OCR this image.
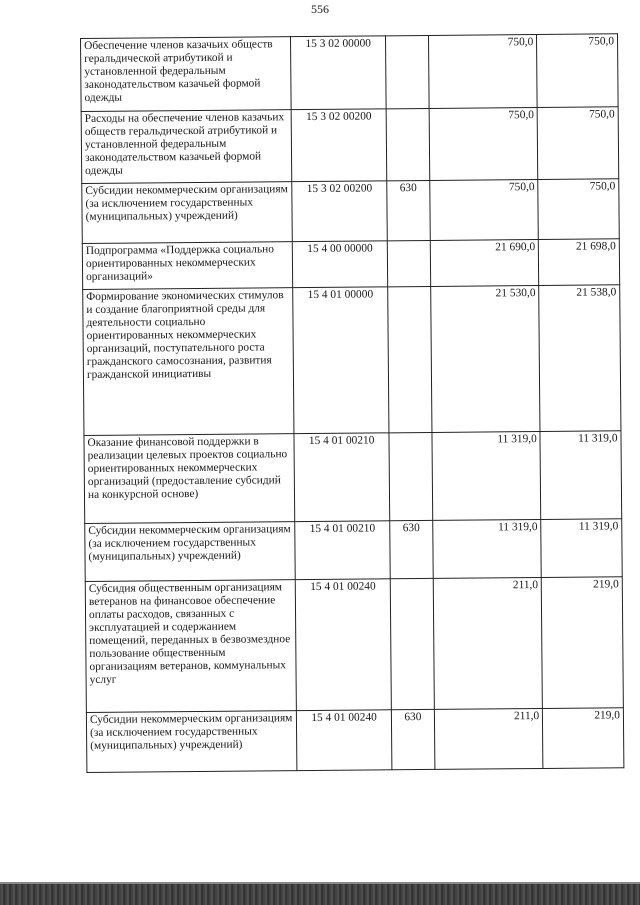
556
Обеспечение членов казачьих обществ геральдической атрибутикой и установленной федеральным законодательством казачьей формой одежды	15 3 02 00000		750,0	750,0
Расходы на обеспечение членов казачьих обществ геральдической атрибутикой и установленной федеральным законодательством казачьей формой одежды	15 3 02 00200		750,0	750,0
Субсидии некоммерческим организациям (за исключением государственных (муниципальных) учреждений)	15 3 02 00200	630	750,0	750,0
Подпрограмма «Поддержка социально ориентированных некоммерческих организаций»	15 4 00 00000		21 690,0	21 698,0
Формирование экономических стимулов и создание благоприятной среды для деятельности социально ориентированных некоммерческих организаций, поступательного роста гражданского самосознания, развития гражданской инициативы	15 4 01 00000		21 530,0	21 538,0
Оказание финансовой поддержки в реализации целевых проектов социально ориентированных некоммерческих организаций (предоставление субсидий на конкурсной основе)	15 4 01 00210		11 319,0	11 319,0
Субсидии некоммерческим организациям (за исключением государственных (муниципальных) учреждений)	15 4 01 00210	630	11 319,0	11 319,0
Субсидия общественным организациям ветеранов на финансовое обеспечение оплаты расходов, связанных с эксплуатацией и содержанием помещений, переданных в безвозмездное пользование общественным организациям ветеранов, коммунальных услуг	15 4 01 00240		211,0	219,0
Субсидии некоммерческим организациям (за исключением государственных (муниципальных) учреждений)	15 4 01 00240	630	211,0	219,0
